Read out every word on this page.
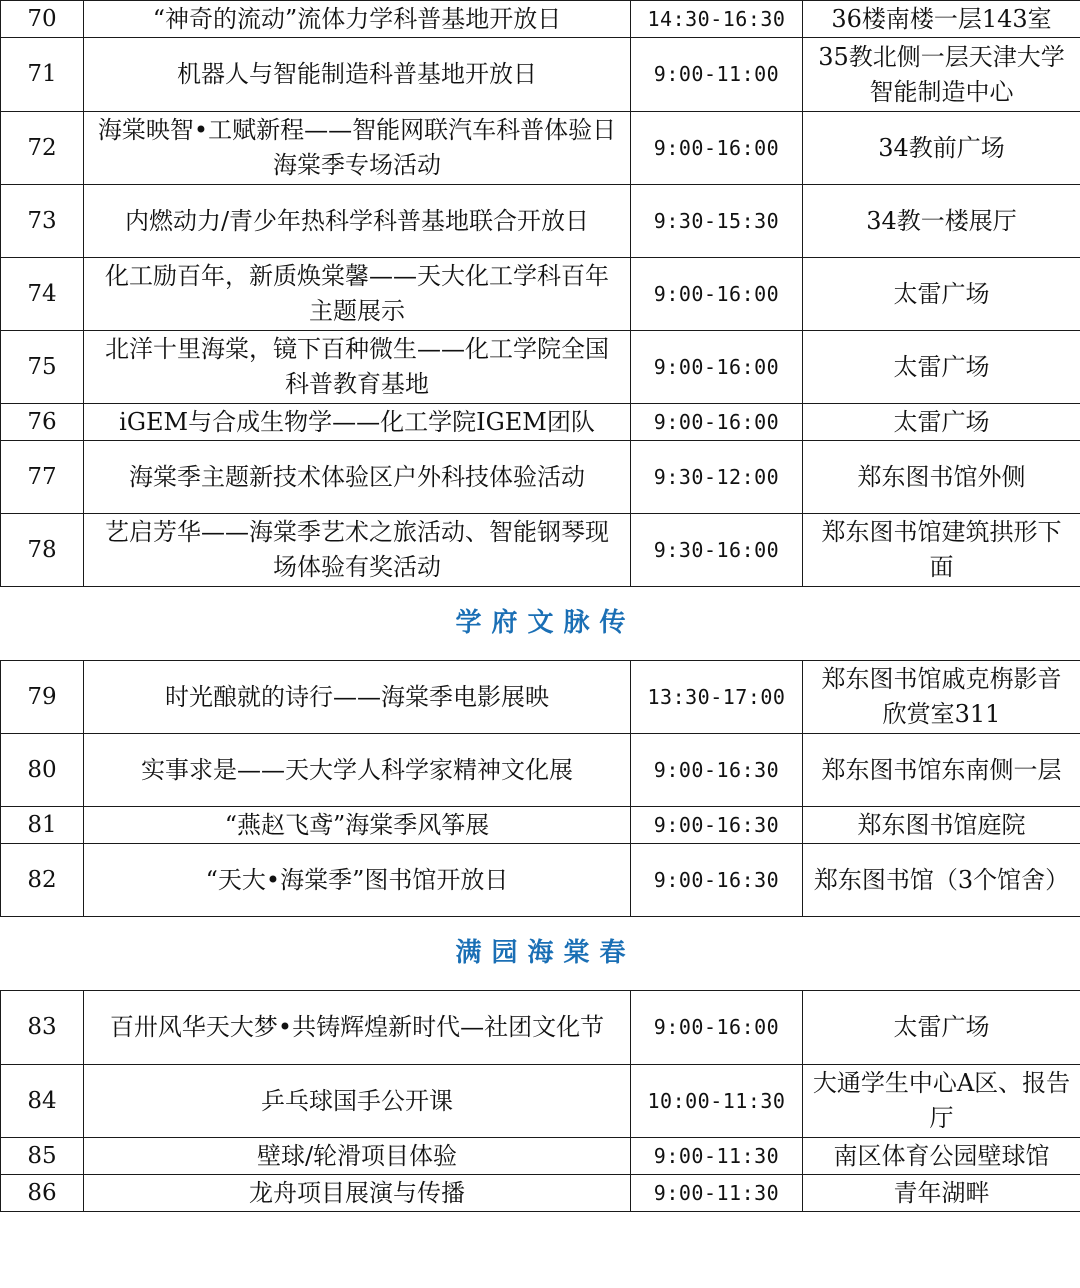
70	“神奇的流动”流体力学科普基地开放日	14:30-16:30	36楼南楼一层143室
71	机器人与智能制造科普基地开放日	9:00-11:00	35教北侧一层天津大学智能制造中心
72	海棠映智•工赋新程——智能网联汽车科普体验日海棠季专场活动	9:00-16:00	34教前广场
73	内燃动力/青少年热科学科普基地联合开放日	9:30-15:30	34教一楼展厅
74	化工励百年，新质焕棠馨——天大化工学科百年主题展示	9:00-16:00	太雷广场
75	北洋十里海棠，镜下百种微生——化工学院全国科普教育基地	9:00-16:00	太雷广场
76	iGEM与合成生物学——化工学院IGEM团队	9:00-16:00	太雷广场
77	海棠季主题新技术体验区户外科技体验活动	9:30-12:00	郑东图书馆外侧
78	艺启芳华——海棠季艺术之旅活动、智能钢琴现场体验有奖活动	9:30-16:00	郑东图书馆建筑拱形下面
学府文脉传			
79	时光酿就的诗行——海棠季电影展映	13:30-17:00	郑东图书馆戚克栴影音欣赏室311
80	实事求是——天大学人科学家精神文化展	9:00-16:30	郑东图书馆东南侧一层
81	“燕赵飞鸢”海棠季风筝展	9:00-16:30	郑东图书馆庭院
82	“天大•海棠季”图书馆开放日	9:00-16:30	郑东图书馆（3个馆舍）
满园海棠春			
83	百卅风华天大梦•共铸辉煌新时代—社团文化节	9:00-16:00	太雷广场
84	乒乓球国手公开课	10:00-11:30	大通学生中心A区、报告厅
85	壁球/轮滑项目体验	9:00-11:30	南区体育公园壁球馆
86	龙舟项目展演与传播	9:00-11:30	青年湖畔
